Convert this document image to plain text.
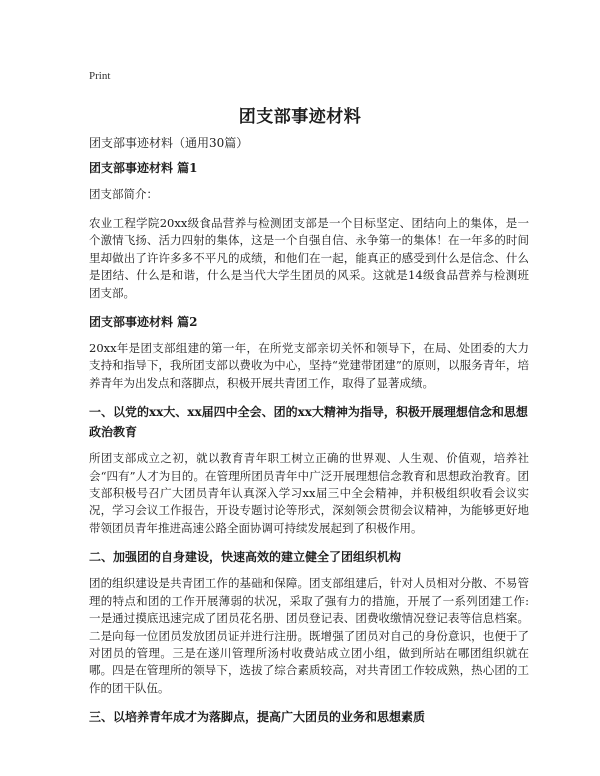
Print
团支部事迹材料
团支部事迹材料（通用30篇）
团支部事迹材料 篇1

团支部简介：

农业工程学院20xx级食品营养与检测团支部是一个目标坚定、团结向上的集体，是一个激情飞扬、活力四射的集体，这是一个自强自信、永争第一的集体！在一年多的时间里却做出了许许多多不平凡的成绩，和他们在一起，能真正的感受到什么是信念、什么是团结、什么是和谐，什么是当代大学生团员的风采。这就是14级食品营养与检测班团支部。

团支部事迹材料 篇2

20xx年是团支部组建的第一年，在所党支部亲切关怀和领导下，在局、处团委的大力支持和指导下，我所团支部以费收为中心，坚持“党建带团建”的原则，以服务青年，培养青年为出发点和落脚点，积极开展共青团工作，取得了显著成绩。

一、以党的xx大、xx届四中全会、团的xx大精神为指导，积极开展理想信念和思想政治教育

所团支部成立之初，就以教育青年职工树立正确的世界观、人生观、价值观，培养社会“四有”人才为目的。在管理所团员青年中广泛开展理想信念教育和思想政治教育。团支部积极号召广大团员青年认真深入学习xx届三中全会精神，并积极组织收看会议实况，学习会议工作报告，开设专题讨论等形式，深刻领会贯彻会议精神，为能够更好地带领团员青年推进高速公路全面协调可持续发展起到了积极作用。

二、加强团的自身建设，快速高效的建立健全了团组织机构

团的组织建设是共青团工作的基础和保障。团支部组建后，针对人员相对分散、不易管理的特点和团的工作开展薄弱的状况，采取了强有力的措施，开展了一系列团建工作:一是通过摸底迅速完成了团员花名册、团员登记表、团费收缴情况登记表等信息档案。二是向每一位团员发放团员证并进行注册。既增强了团员对自己的身份意识，也便于了对团员的管理。三是在遂川管理所汤村收费站成立团小组，做到所站在哪团组织就在哪。四是在管理所的领导下，选拔了综合素质较高，对共青团工作较成熟，热心团的工作的团干队伍。

三、以培养青年成才为落脚点，提高广大团员的业务和思想素质
